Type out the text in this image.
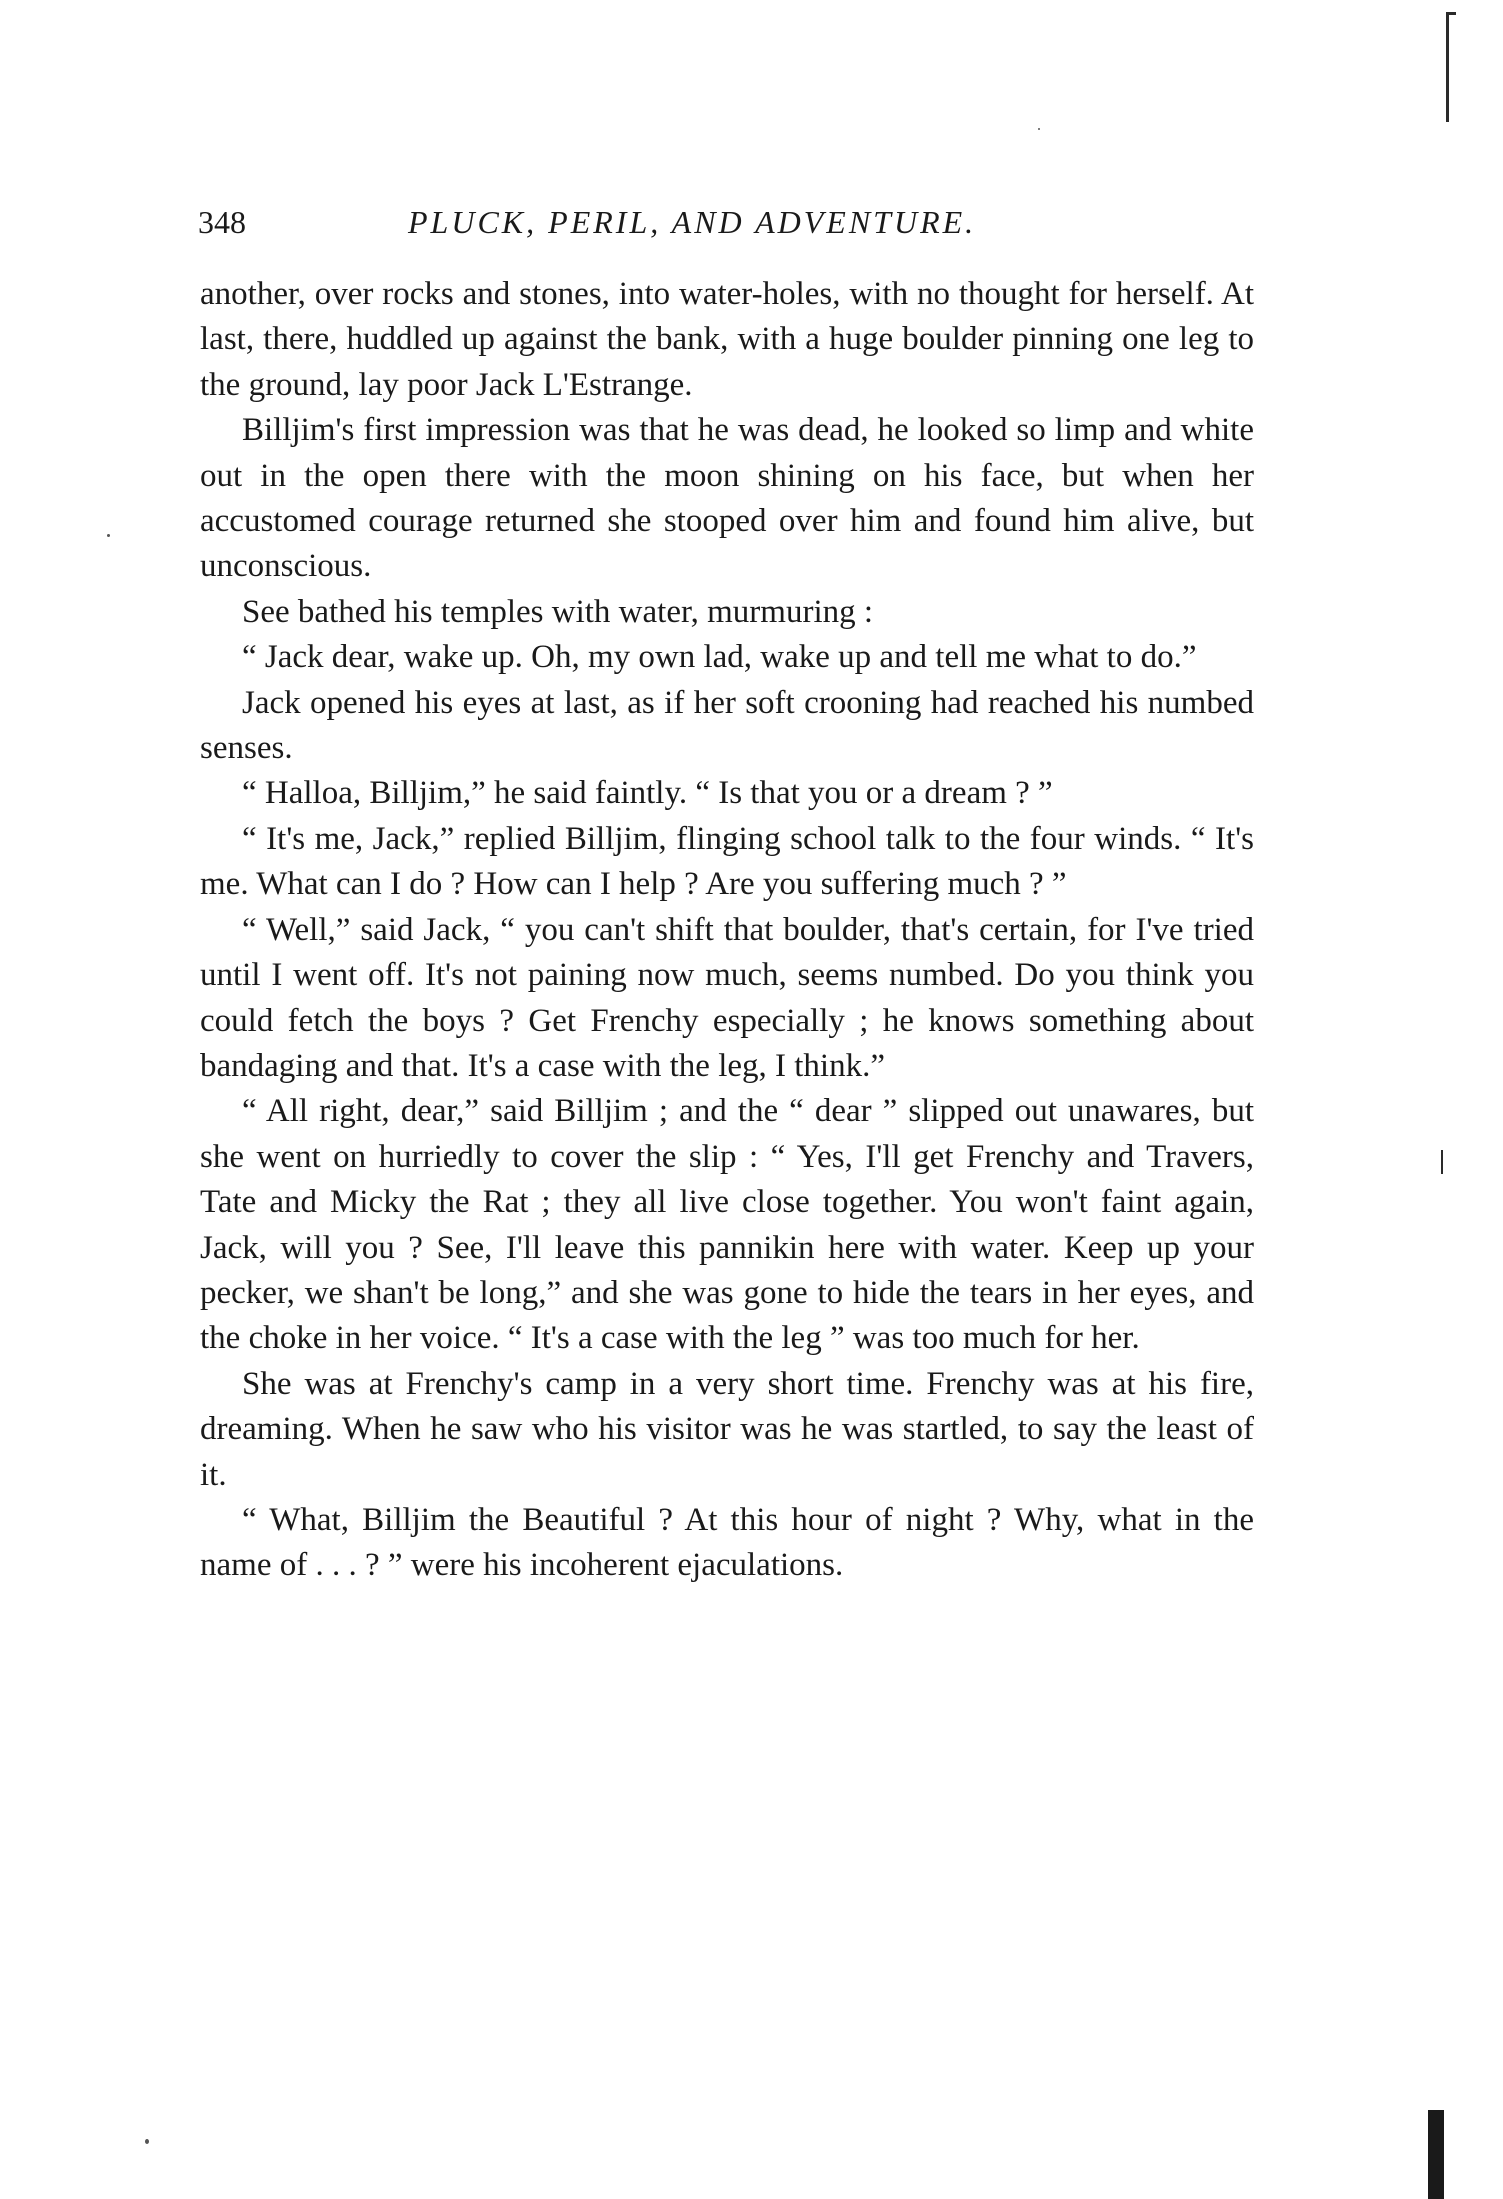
348	PLUCK, PERIL, AND ADVENTURE.

another, over rocks and stones, into water-holes, with no thought for herself. At last, there, huddled up against the bank, with a huge boulder pinning one leg to the ground, lay poor Jack L'Estrange.

Billjim's first impression was that he was dead, he looked so limp and white out in the open there with the moon shining on his face, but when her accustomed courage returned she stooped over him and found him alive, but unconscious.

See bathed his temples with water, murmuring :

“ Jack dear, wake up. Oh, my own lad, wake up and tell me what to do.”

Jack opened his eyes at last, as if her soft crooning had reached his numbed senses.

“ Halloa, Billjim,” he said faintly. “ Is that you or a dream ? ”

“ It's me, Jack,” replied Billjim, flinging school talk to the four winds. “ It's me. What can I do ? How can I help ? Are you suffering much ? ”

“ Well,” said Jack, “ you can't shift that boulder, that's certain, for I've tried until I went off. It's not paining now much, seems numbed. Do you think you could fetch the boys ? Get Frenchy especially ; he knows something about bandaging and that. It's a case with the leg, I think.”

“ All right, dear,” said Billjim ; and the “ dear ” slipped out unawares, but she went on hurriedly to cover the slip : “ Yes, I'll get Frenchy and Travers, Tate and Micky the Rat ; they all live close together. You won't faint again, Jack, will you ? See, I'll leave this pannikin here with water. Keep up your pecker, we shan't be long,” and she was gone to hide the tears in her eyes, and the choke in her voice. “ It's a case with the leg ” was too much for her.

She was at Frenchy's camp in a very short time. Frenchy was at his fire, dreaming. When he saw who his visitor was he was startled, to say the least of it.

“ What, Billjim the Beautiful ? At this hour of night ? Why, what in the name of . . . ? ” were his incoherent ejaculations.
